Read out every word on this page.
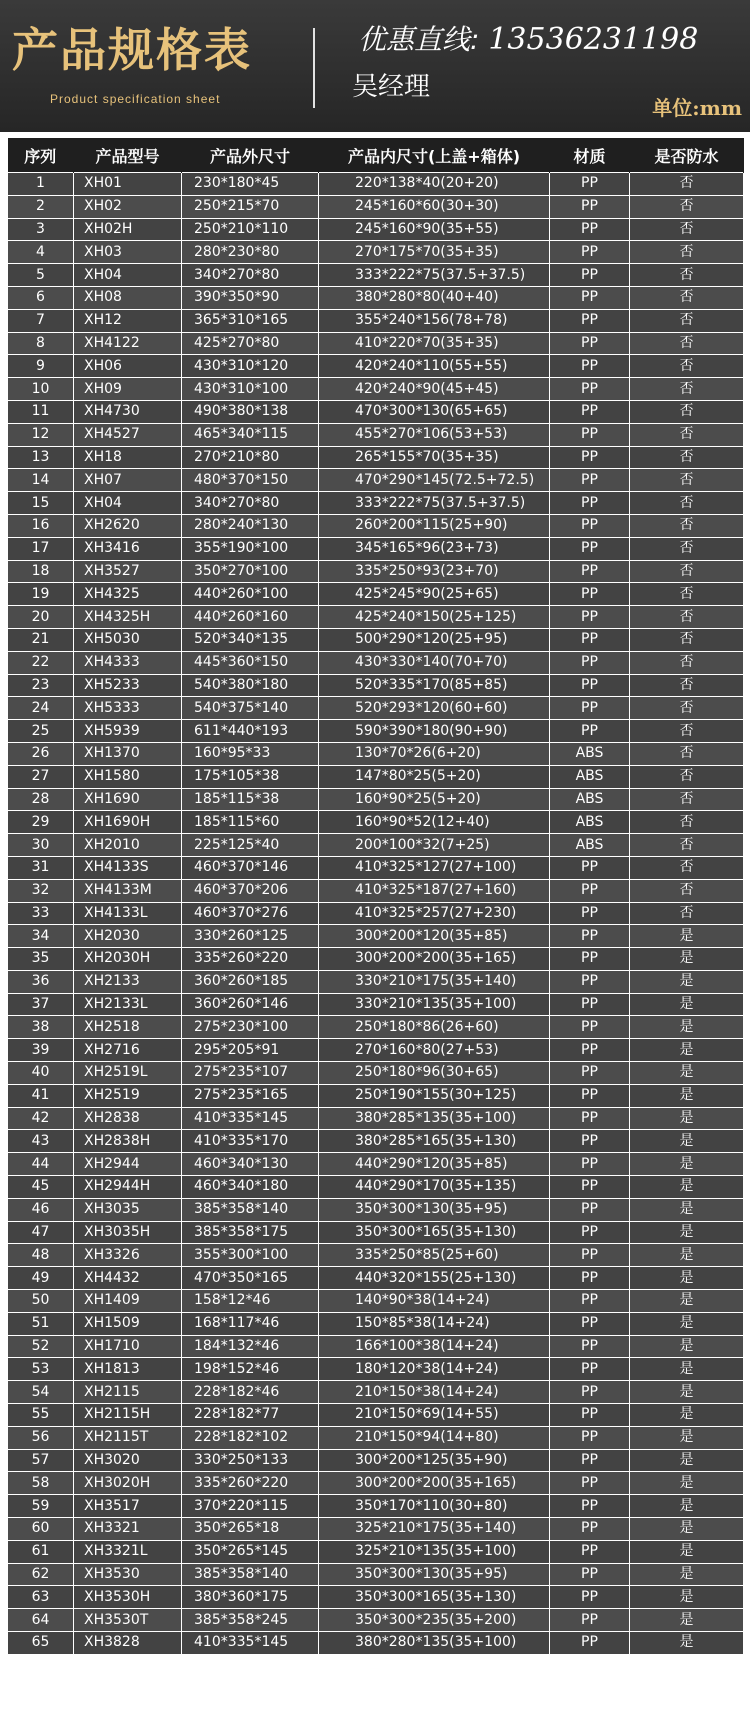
产品规格表
Product specification sheet
优惠直线: 13536231198
吴经理
单位:mm
序列	产品型号	产品外尺寸	产品内尺寸(上盖+箱体)	材质	是否防水
1	XH01	230*180*45	220*138*40(20+20)	PP	否
2	XH02	250*215*70	245*160*60(30+30)	PP	否
3	XH02H	250*210*110	245*160*90(35+55)	PP	否
4	XH03	280*230*80	270*175*70(35+35)	PP	否
5	XH04	340*270*80	333*222*75(37.5+37.5)	PP	否
6	XH08	390*350*90	380*280*80(40+40)	PP	否
7	XH12	365*310*165	355*240*156(78+78)	PP	否
8	XH4122	425*270*80	410*220*70(35+35)	PP	否
9	XH06	430*310*120	420*240*110(55+55)	PP	否
10	XH09	430*310*100	420*240*90(45+45)	PP	否
11	XH4730	490*380*138	470*300*130(65+65)	PP	否
12	XH4527	465*340*115	455*270*106(53+53)	PP	否
13	XH18	270*210*80	265*155*70(35+35)	PP	否
14	XH07	480*370*150	470*290*145(72.5+72.5)	PP	否
15	XH04	340*270*80	333*222*75(37.5+37.5)	PP	否
16	XH2620	280*240*130	260*200*115(25+90)	PP	否
17	XH3416	355*190*100	345*165*96(23+73)	PP	否
18	XH3527	350*270*100	335*250*93(23+70)	PP	否
19	XH4325	440*260*100	425*245*90(25+65)	PP	否
20	XH4325H	440*260*160	425*240*150(25+125)	PP	否
21	XH5030	520*340*135	500*290*120(25+95)	PP	否
22	XH4333	445*360*150	430*330*140(70+70)	PP	否
23	XH5233	540*380*180	520*335*170(85+85)	PP	否
24	XH5333	540*375*140	520*293*120(60+60)	PP	否
25	XH5939	611*440*193	590*390*180(90+90)	PP	否
26	XH1370	160*95*33	130*70*26(6+20)	ABS	否
27	XH1580	175*105*38	147*80*25(5+20)	ABS	否
28	XH1690	185*115*38	160*90*25(5+20)	ABS	否
29	XH1690H	185*115*60	160*90*52(12+40)	ABS	否
30	XH2010	225*125*40	200*100*32(7+25)	ABS	否
31	XH4133S	460*370*146	410*325*127(27+100)	PP	否
32	XH4133M	460*370*206	410*325*187(27+160)	PP	否
33	XH4133L	460*370*276	410*325*257(27+230)	PP	否
34	XH2030	330*260*125	300*200*120(35+85)	PP	是
35	XH2030H	335*260*220	300*200*200(35+165)	PP	是
36	XH2133	360*260*185	330*210*175(35+140)	PP	是
37	XH2133L	360*260*146	330*210*135(35+100)	PP	是
38	XH2518	275*230*100	250*180*86(26+60)	PP	是
39	XH2716	295*205*91	270*160*80(27+53)	PP	是
40	XH2519L	275*235*107	250*180*96(30+65)	PP	是
41	XH2519	275*235*165	250*190*155(30+125)	PP	是
42	XH2838	410*335*145	380*285*135(35+100)	PP	是
43	XH2838H	410*335*170	380*285*165(35+130)	PP	是
44	XH2944	460*340*130	440*290*120(35+85)	PP	是
45	XH2944H	460*340*180	440*290*170(35+135)	PP	是
46	XH3035	385*358*140	350*300*130(35+95)	PP	是
47	XH3035H	385*358*175	350*300*165(35+130)	PP	是
48	XH3326	355*300*100	335*250*85(25+60)	PP	是
49	XH4432	470*350*165	440*320*155(25+130)	PP	是
50	XH1409	158*12*46	140*90*38(14+24)	PP	是
51	XH1509	168*117*46	150*85*38(14+24)	PP	是
52	XH1710	184*132*46	166*100*38(14+24)	PP	是
53	XH1813	198*152*46	180*120*38(14+24)	PP	是
54	XH2115	228*182*46	210*150*38(14+24)	PP	是
55	XH2115H	228*182*77	210*150*69(14+55)	PP	是
56	XH2115T	228*182*102	210*150*94(14+80)	PP	是
57	XH3020	330*250*133	300*200*125(35+90)	PP	是
58	XH3020H	335*260*220	300*200*200(35+165)	PP	是
59	XH3517	370*220*115	350*170*110(30+80)	PP	是
60	XH3321	350*265*18	325*210*175(35+140)	PP	是
61	XH3321L	350*265*145	325*210*135(35+100)	PP	是
62	XH3530	385*358*140	350*300*130(35+95)	PP	是
63	XH3530H	380*360*175	350*300*165(35+130)	PP	是
64	XH3530T	385*358*245	350*300*235(35+200)	PP	是
65	XH3828	410*335*145	380*280*135(35+100)	PP	是
